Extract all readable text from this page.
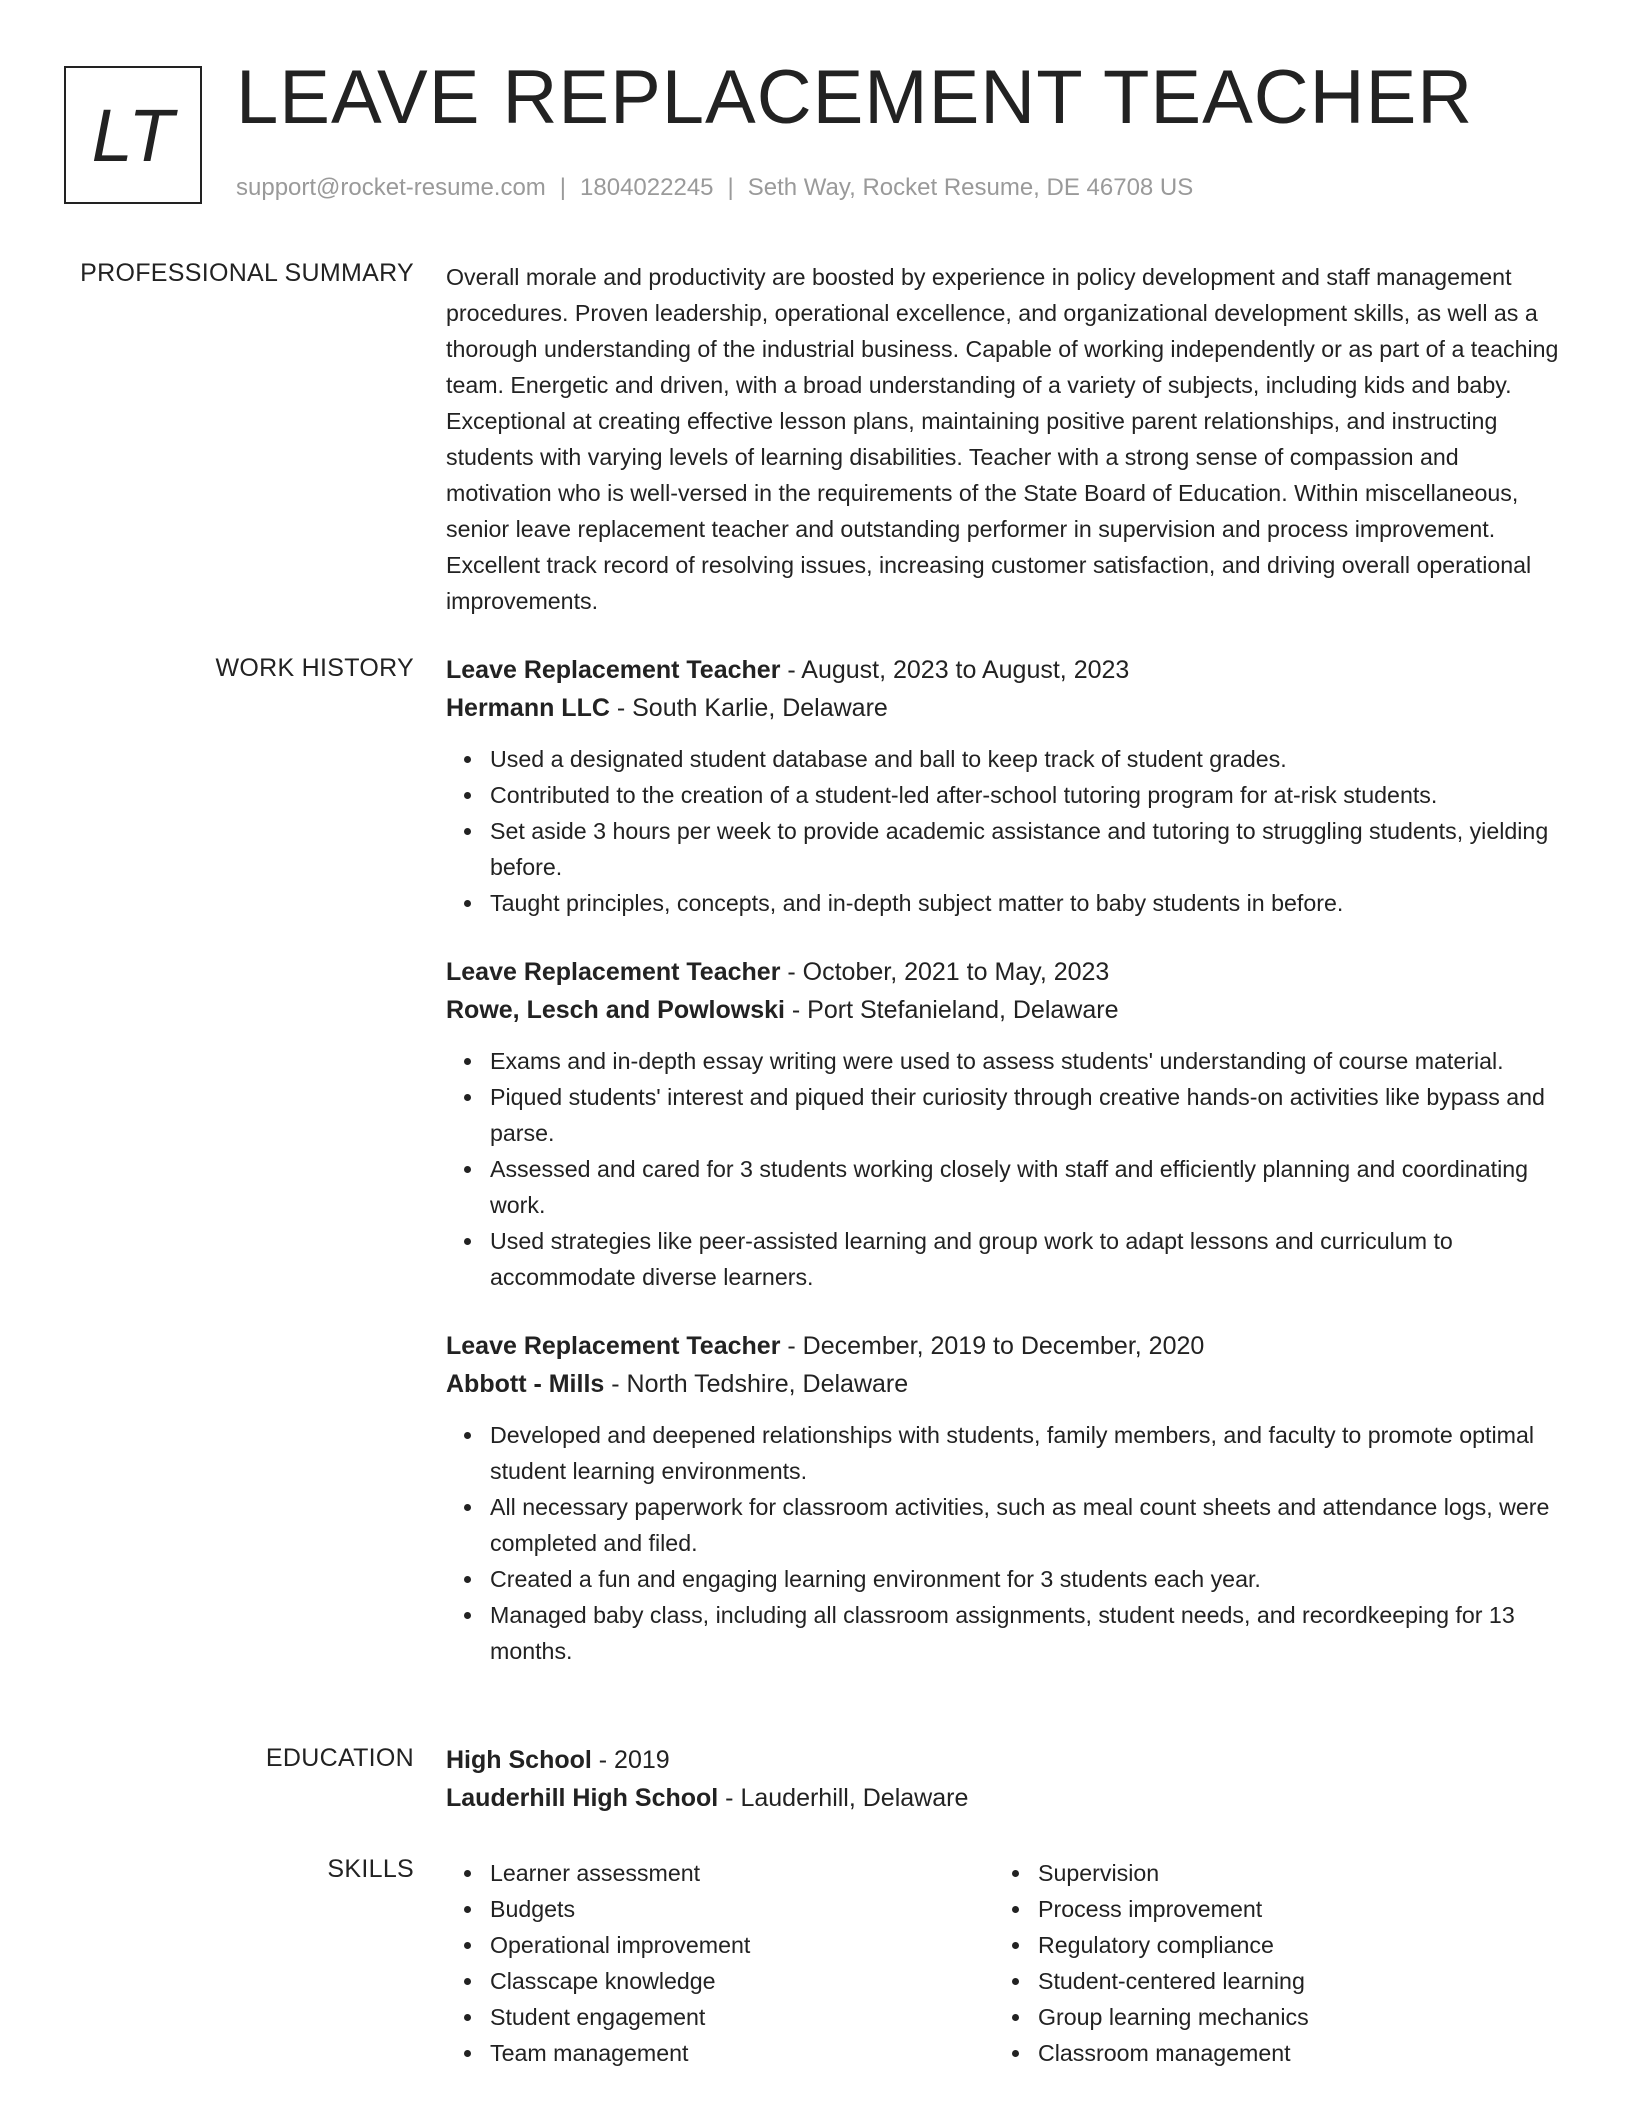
LT LEAVE REPLACEMENT TEACHER
support@rocket-resume.com | 1804022245 | Seth Way, Rocket Resume, DE 46708 US
PROFESSIONAL SUMMARY Overall morale and productivity are boosted by experience in policy development and staff management procedures. Proven leadership, operational excellence, and organizational development skills, as well as a thorough understanding of the industrial business. Capable of working independently or as part of a teaching team. Energetic and driven, with a broad understanding of a variety of subjects, including kids and baby. Exceptional at creating effective lesson plans, maintaining positive parent relationships, and instructing students with varying levels of learning disabilities. Teacher with a strong sense of compassion and motivation who is well-versed in the requirements of the State Board of Education. Within miscellaneous, senior leave replacement teacher and outstanding performer in supervision and process improvement. Excellent track record of resolving issues, increasing customer satisfaction, and driving overall operational improvements.

WORK HISTORY Leave Replacement Teacher - August, 2023 to August, 2023
Hermann LLC - South Karlie, Delaware
Used a designated student database and ball to keep track of student grades.
Contributed to the creation of a student-led after-school tutoring program for at-risk students.
Set aside 3 hours per week to provide academic assistance and tutoring to struggling students, yielding before.
Taught principles, concepts, and in-depth subject matter to baby students in before.
Leave Replacement Teacher - October, 2021 to May, 2023
Rowe, Lesch and Powlowski - Port Stefanieland, Delaware
Exams and in-depth essay writing were used to assess students' understanding of course material.
Piqued students' interest and piqued their curiosity through creative hands-on activities like bypass and parse.
Assessed and cared for 3 students working closely with staff and efficiently planning and coordinating work.
Used strategies like peer-assisted learning and group work to adapt lessons and curriculum to accommodate diverse learners.
Leave Replacement Teacher - December, 2019 to December, 2020
Abbott - Mills - North Tedshire, Delaware
Developed and deepened relationships with students, family members, and faculty to promote optimal student learning environments.
All necessary paperwork for classroom activities, such as meal count sheets and attendance logs, were completed and filed.
Created a fun and engaging learning environment for 3 students each year.
Managed baby class, including all classroom assignments, student needs, and recordkeeping for 13 months.
EDUCATION High School - 2019
Lauderhill High School - Lauderhill, Delaware
SKILLS	Learner assessment
Budgets
Operational improvement
Classcape knowledge
Student engagement
Team management
Supervision
Process improvement
Regulatory compliance
Student-centered learning
Group learning mechanics
Classroom management
